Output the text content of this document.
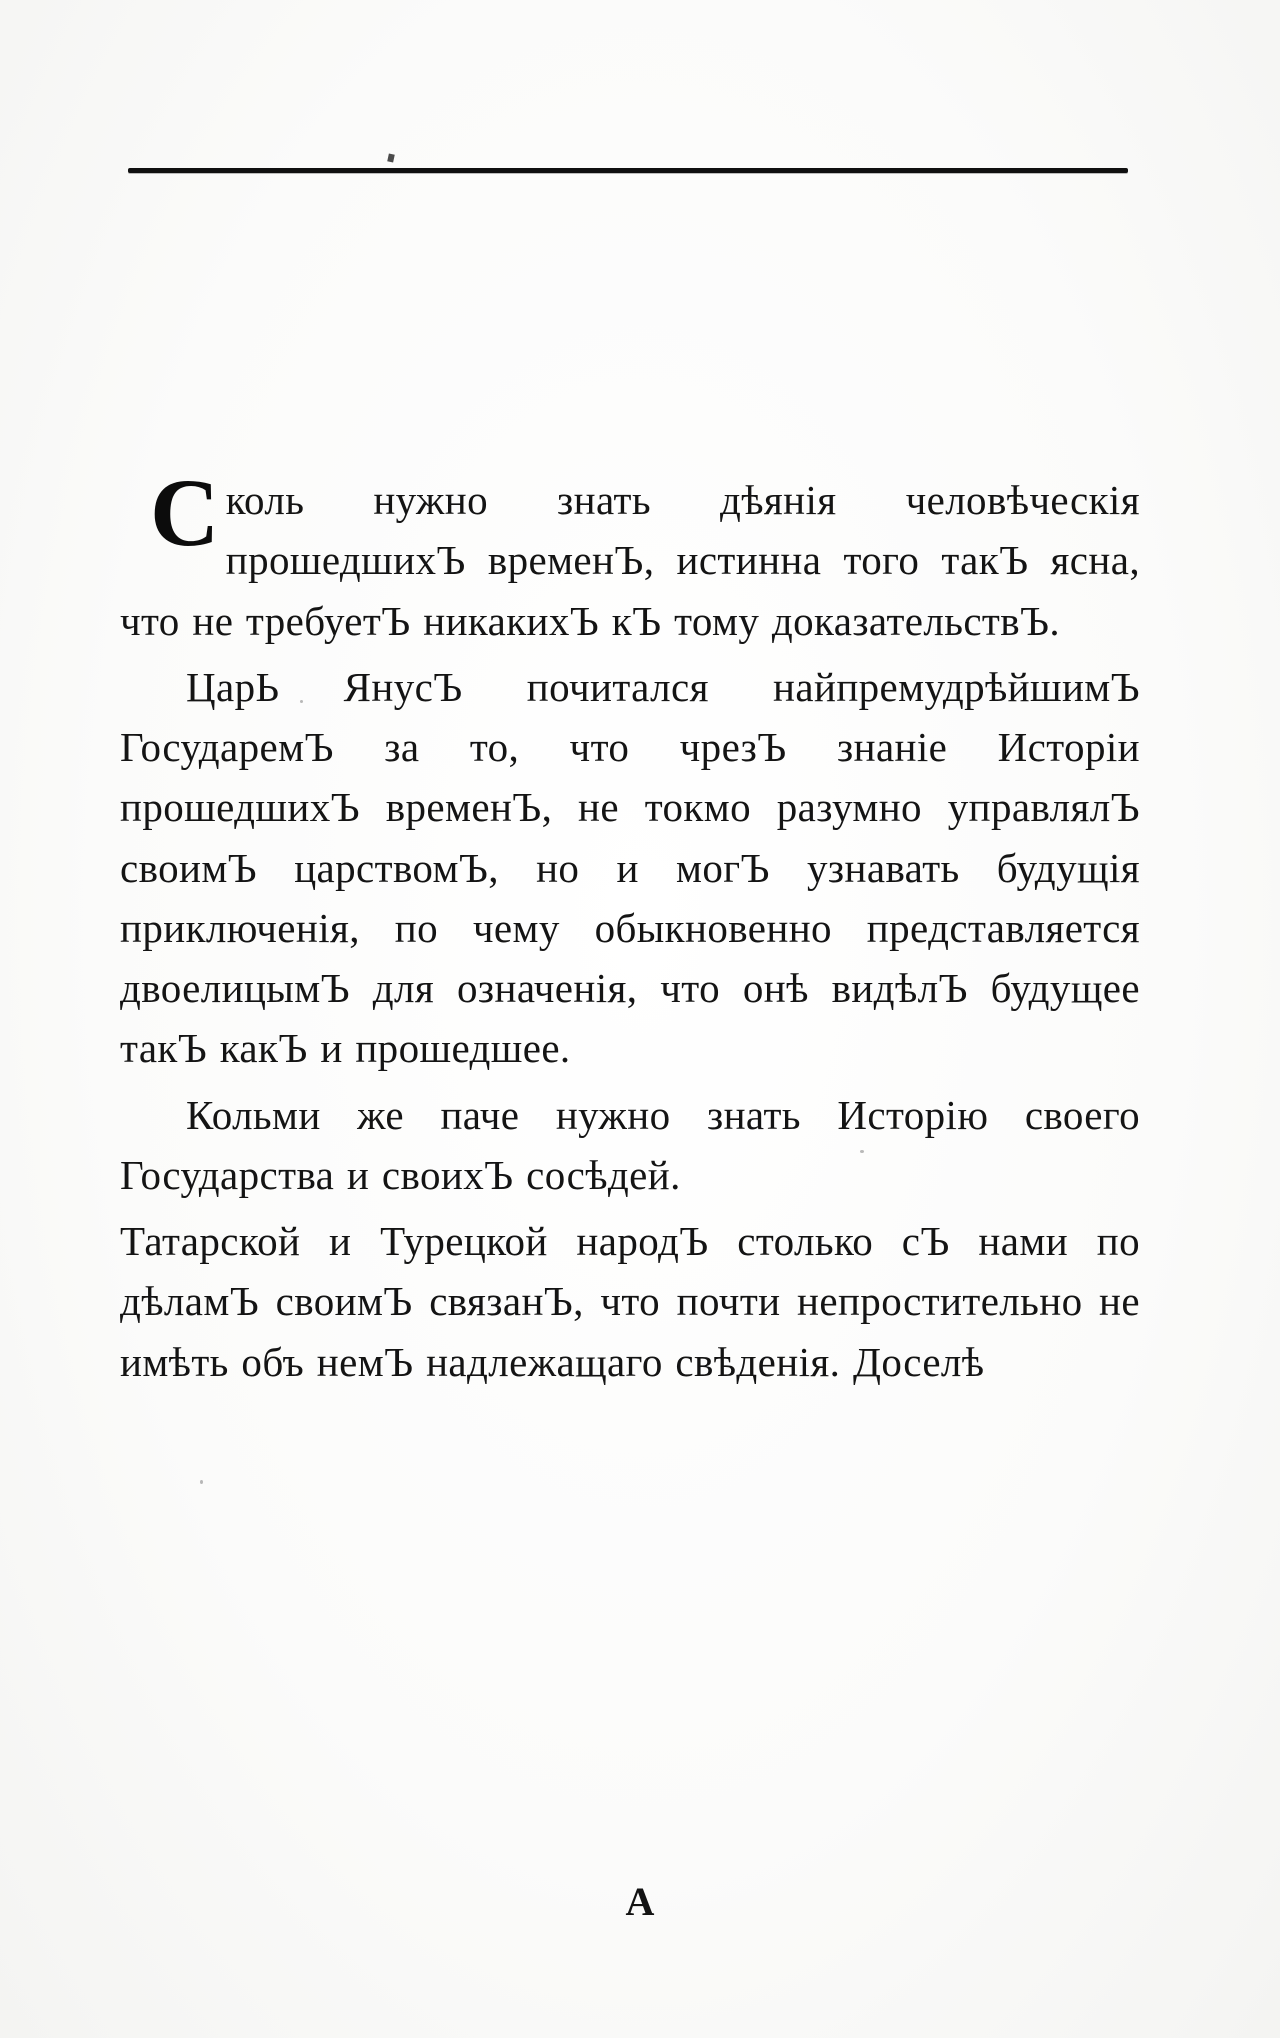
Сколь нужно знать дѣянія человѣческія прошедшихЪ временЪ, истинна того такЪ ясна, что не требуетЪ никакихЪ кЪ тому доказательствЪ.

ЦарЬ ЯнусЪ почитался найпремудрѣйшимЪ ГосударемЪ за то, что чрезЪ знаніе Исторіи прошедшихЪ временЪ, не токмо разумно управлялЪ своимЪ царствомЪ, но и могЪ узнавать будущія приключенія, по чему обыкновенно представляется двоелицымЪ для означенія, что онѣ видѣлЪ будущее такЪ какЪ и прошедшее.

Кольми же паче нужно знать Исторію своего Государства и своихЪ сосѣдей.

Татарской и Турецкой народЪ столько сЪ нами по дѣламЪ своимЪ связанЪ, что почти непростительно не имѣть объ немЪ надлежащаго свѣденія. Доселѣ

А
